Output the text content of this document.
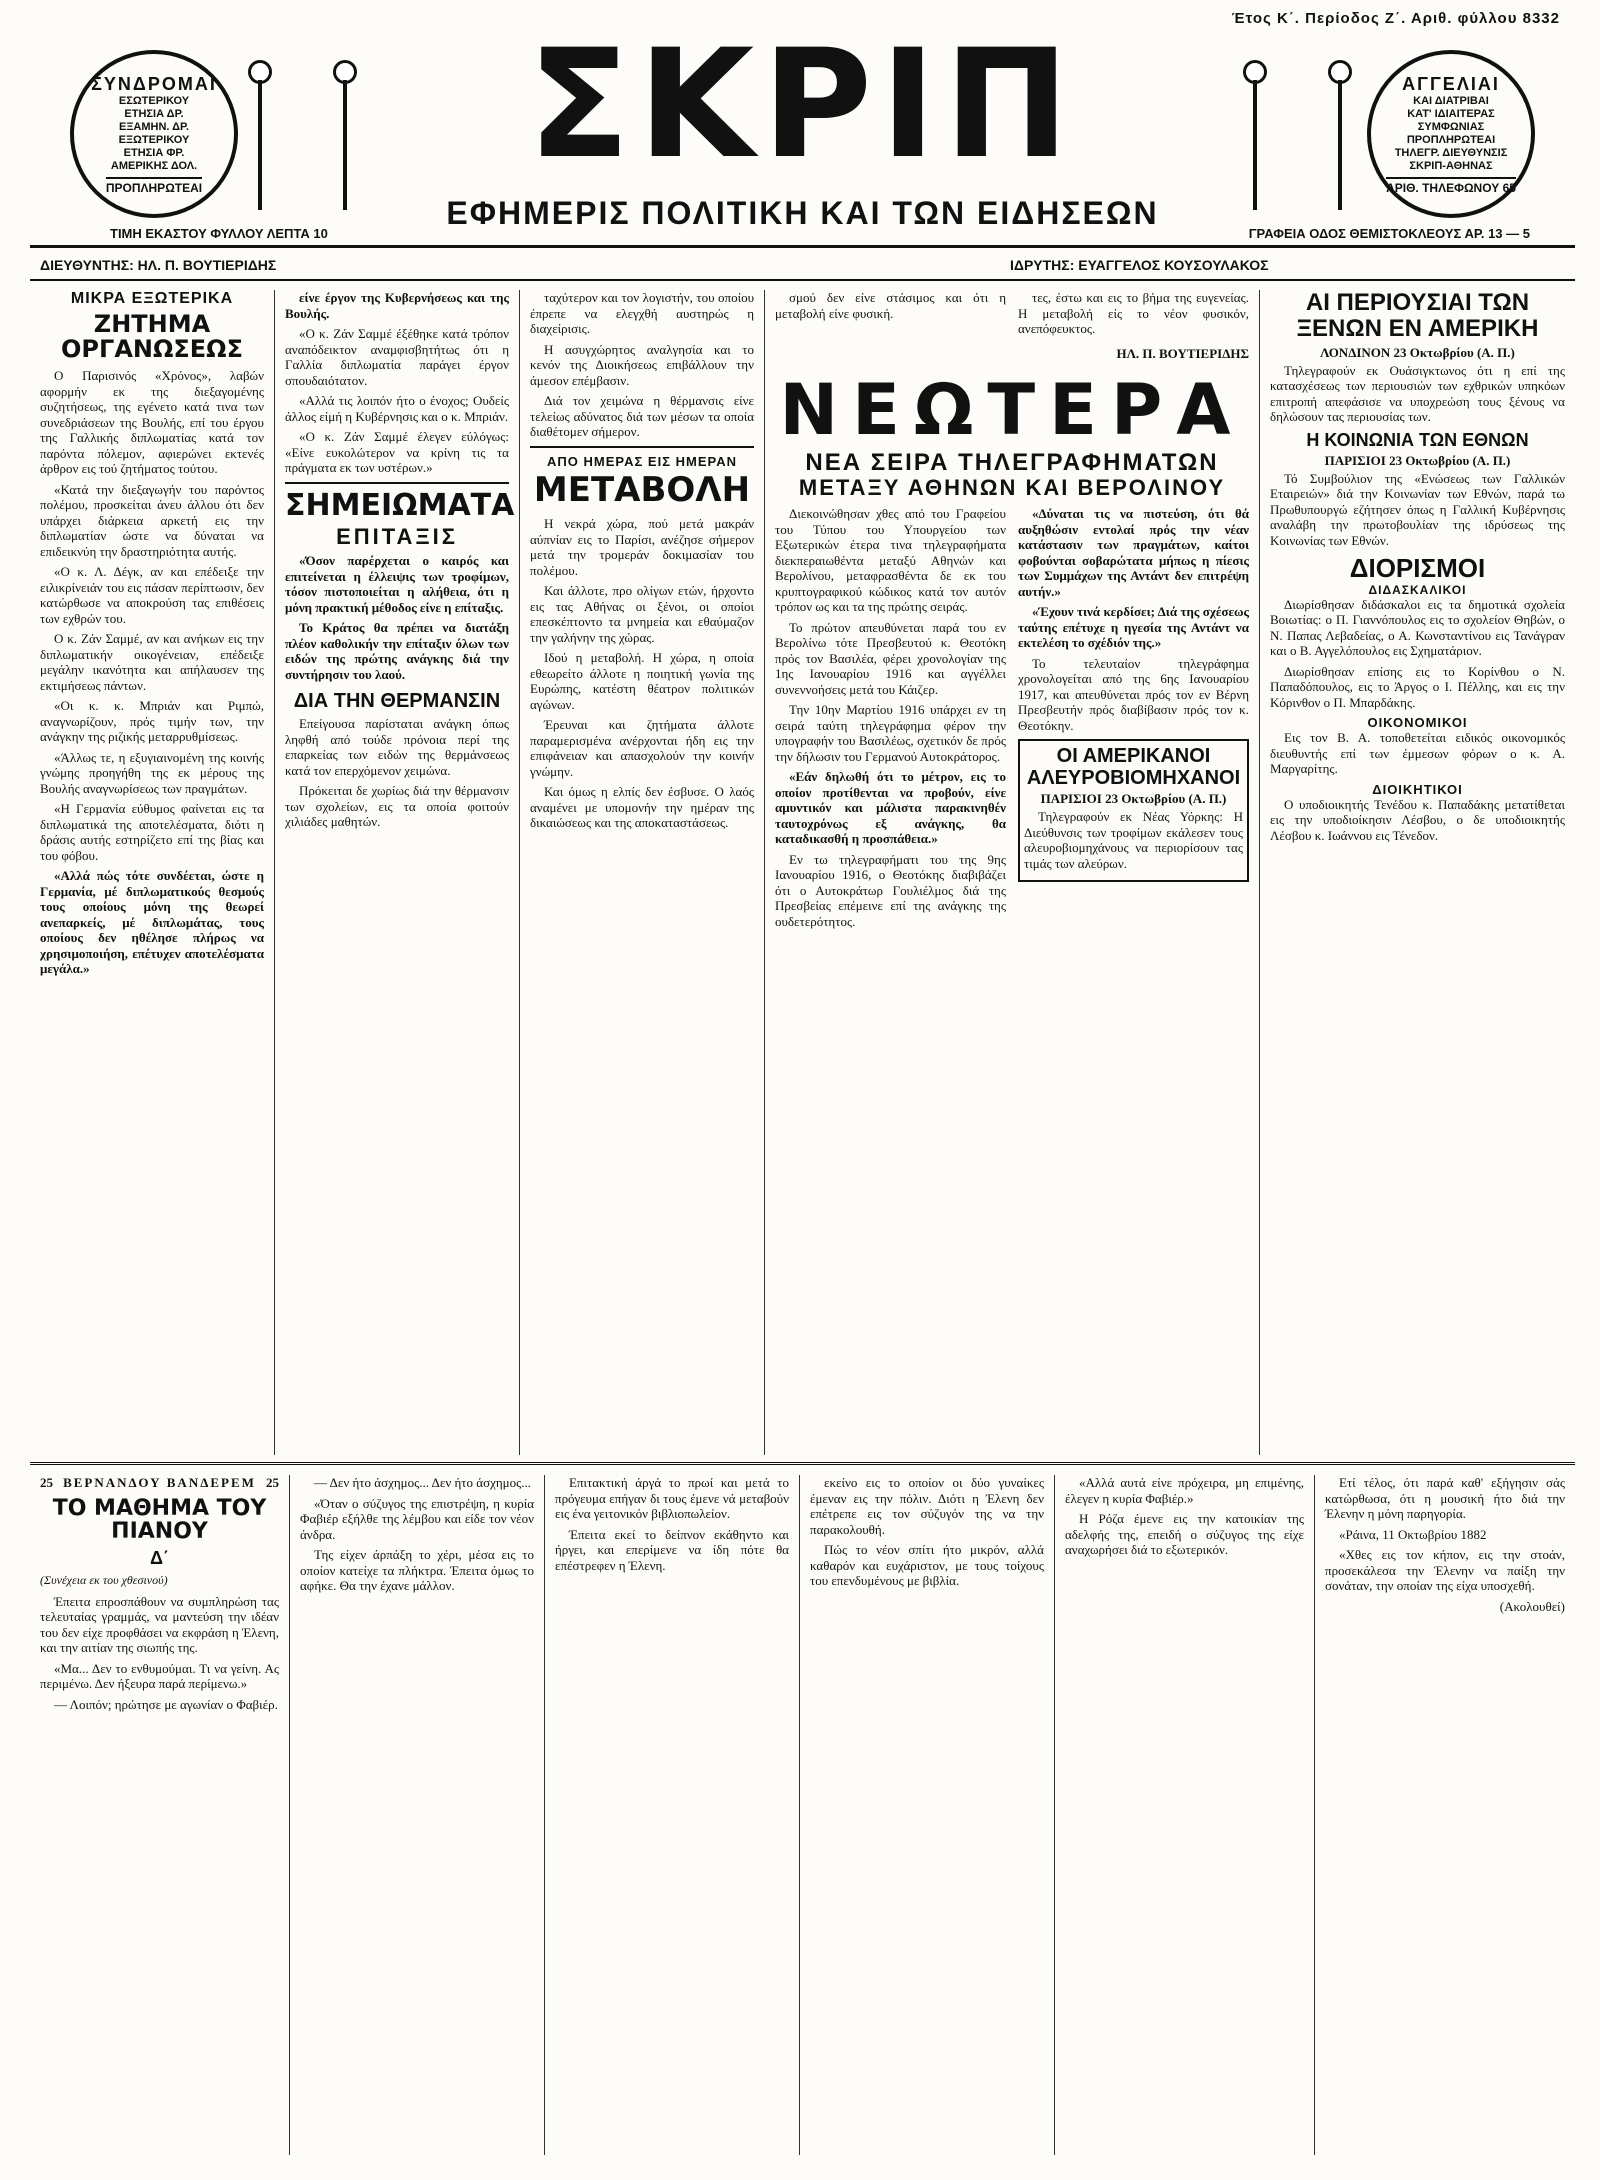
Έτος Κ΄. Περίοδος Ζ΄. Αριθ. φύλλου 8332
ΣΥΝΔΡΟΜΑΙ
ΕΣΩΤΕΡΙΚΟΥ
ΕΤΗΣΙΑ ΔΡ.
ΕΞΑΜΗΝ. ΔΡ.
ΕΞΩΤΕΡΙΚΟΥ
ΕΤΗΣΙΑ ΦΡ.
ΑΜΕΡΙΚΗΣ ΔΟΛ.
ΠΡΟΠΛΗΡΩΤΕΑΙ	ΣΚΡΙΠ
ΕΦΗΜΕΡΙΣ ΠΟΛΙΤΙΚΗ ΚΑΙ ΤΩΝ ΕΙΔΗΣΕΩΝ
ΑΓΓΕΛΙΑΙ
ΚΑΙ ΔΙΑΤΡΙΒΑΙ
ΚΑΤ' ΙΔΙΑΙΤΕΡΑΣ
ΣΥΜΦΩΝΙΑΣ
ΠΡΟΠΛΗΡΩΤΕΑΙ
ΤΗΛΕΓΡ. ΔΙΕΥΘΥΝΣΙΣ
ΣΚΡΙΠ-ΑΘΗΝΑΣ
ΑΡΙΘ. ΤΗΛΕΦΩΝΟΥ 65
ΤΙΜΗ ΕΚΑΣΤΟΥ ΦΥΛΛΟΥ ΛΕΠΤΑ 10	ΓΡΑΦΕΙΑ ΟΔΟΣ ΘΕΜΙΣΤΟΚΛΕΟΥΣ ΑΡ. 13 — 5
ΔΙΕΥΘΥΝΤΗΣ: ΗΛ. Π. ΒΟΥΤΙΕΡΙΔΗΣ	ΙΔΡΥΤΗΣ: ΕΥΑΓΓΕΛΟΣ ΚΟΥΣΟΥΛΑΚΟΣ
ΜΙΚΡΑ ΕΞΩΤΕΡΙΚΑ
ΖΗΤΗΜΑ ΟΡΓΑΝΩΣΕΩΣ

Ο Παρισινός «Χρόνος», λαβών αφορμήν εκ της διεξαγομένης συζητήσεως, της εγένετο κατά τινα των συνεδριάσεων της Βουλής, επί του έργου της Γαλλικής διπλωματίας κατά τον παρόντα πόλεμον, αφιερώνει εκτενές άρθρον εις τού ζητήματος τούτου.

«Κατά την διεξαγωγήν του παρόντος πολέμου, προσκείται άνευ άλλου ότι δεν υπάρχει διάρκεια αρκετή εις την διπλωματίαν ώστε να δύναται να επιδεικνύη την δραστηριότητα αυτής.

«Ο κ. Λ. Δέγκ, αν και επέδειξε την ειλικρίνειάν του εις πάσαν περίπτωσιν, δεν κατώρθωσε να αποκρούση τας επιθέσεις των εχθρών του.

Ο κ. Ζάν Σαμμέ, αν και ανήκων εις την διπλωματικήν οικογένειαν, επέδειξε μεγάλην ικανότητα και απήλαυσεν της εκτιμήσεως πάντων.

«Οι κ. κ. Μπριάν και Ριμπώ, αναγνωρίζουν, πρός τιμήν των, την ανάγκην της ριζικής μεταρρυθμίσεως.

«Άλλως τε, η εξυγιαινομένη της κοινής γνώμης προηγήθη της εκ μέρους της Βουλής αναγνωρίσεως των πραγμάτων.

«Η Γερμανία εύθυμος φαίνεται εις τα διπλωματικά της αποτελέσματα, διότι η δράσις αυτής εστηρίζετο επί της βίας και του φόβου.

«Αλλά πώς τότε συνδέεται, ώστε η Γερμανία, μέ διπλωματικούς θεσμούς τους οποίους μόνη της θεωρεί ανεπαρκείς, μέ διπλωμάτας, τους οποίους δεν ηθέλησε πλήρως να χρησιμοποιήση, επέτυχεν αποτελέσματα μεγάλα.»

είνε έργον της Κυβερνήσεως και της Βουλής.

«Ο κ. Ζάν Σαμμέ έξέθηκε κατά τρόπον αναπόδεικτον αναμφισβητήτως ότι η Γαλλία διπλωματία παράγει έργον σπουδαιότατον.

«Αλλά τις λοιπόν ήτο ο ένοχος; Ουδείς άλλος είμή η Κυβέρνησις και ο κ. Μπριάν.

«Ο κ. Ζάν Σαμμέ έλεγεν εύλόγως: «Είνε ευκολώτερον να κρίνη τις τα πράγματα εκ των υστέρων.»

ΣΗΜΕΙΩΜΑΤΑ
ΕΠΙΤΑΞΙΣ

«Όσον παρέρχεται ο καιρός και επιτείνεται η έλλειψις των τροφίμων, τόσον πιστοποιείται η αλήθεια, ότι η μόνη πρακτική μέθοδος είνε η επίταξις.

Το Κράτος θα πρέπει να διατάξη πλέον καθολικήν την επίταξιν όλων των ειδών της πρώτης ανάγκης διά την συντήρησιν του λαού.

ΔΙΑ ΤΗΝ ΘΕΡΜΑΝΣΙΝ

Επείγουσα παρίσταται ανάγκη όπως ληφθή από τούδε πρόνοια περί της επαρκείας των ειδών της θερμάνσεως κατά τον επερχόμενον χειμώνα.

Πρόκειται δε χωρίως διά την θέρμανσιν των σχολείων, εις τα οποία φοιτούν χιλιάδες μαθητών.

ταχύτερον και τον λογιστήν, του οποίου έπρεπε να ελεγχθή αυστηρώς η διαχείρισις.

Η ασυγχώρητος αναλγησία και το κενόν της Διοικήσεως επιβάλλουν την άμεσον επέμβασιν.

Διά τον χειμώνα η θέρμανσις είνε τελείως αδύνατος διά των μέσων τα οποία διαθέτομεν σήμερον.

ΑΠΟ ΗΜΕΡΑΣ ΕΙΣ ΗΜΕΡΑΝ
ΜΕΤΑΒΟΛΗ

Η νεκρά χώρα, πού μετά μακράν αύπνίαν εις το Παρίσι, ανέζησε σήμερον μετά την τρομεράν δοκιμασίαν του πολέμου.

Και άλλοτε, προ ολίγων ετών, ήρχοντο εις τας Αθήνας οι ξένοι, οι οποίοι επεσκέπτοντο τα μνημεία και εθαύμαζον την γαλήνην της χώρας.

Ιδού η μεταβολή. Η χώρα, η οποία εθεωρείτο άλλοτε η ποιητική γωνία της Ευρώπης, κατέστη θέατρον πολιτικών αγώνων.

Έρευναι και ζητήματα άλλοτε παραμερισμένα ανέρχονται ήδη εις την επιφάνειαν και απασχολούν την κοινήν γνώμην.

Και όμως η ελπίς δεν έσβυσε. Ο λαός αναμένει με υπομονήν την ημέραν της δικαιώσεως και της αποκαταστάσεως.

σμού δεν είνε στάσιμος και ότι η μεταβολή είνε φυσική.

τες, έστω και εις το βήμα της ευγενείας. Η μεταβολή είς το νέον φυσικόν, ανεπόφευκτος.

ΗΛ. Π. ΒΟΥΤΙΕΡΙΔΗΣ
ΝΕΩΤΕΡΑ
ΝΕΑ ΣΕΙΡΑ ΤΗΛΕΓΡΑΦΗΜΑΤΩΝ
ΜΕΤΑΞΥ ΑΘΗΝΩΝ ΚΑΙ ΒΕΡΟΛΙΝΟΥ

Διεκοινώθησαν χθες από του Γραφείου του Τύπου του Υπουργείου των Εξωτερικών έτερα τινα τηλεγραφήματα διεκπεραιωθέντα μεταξύ Αθηνών και Βερολίνου, μεταφρασθέντα δε εκ του κρυπτογραφικού κώδικος κατά τον αυτόν τρόπον ως και τα της πρώτης σειράς.

Το πρώτον απευθύνεται παρά του εν Βερολίνω τότε Πρεσβευτού κ. Θεοτόκη πρός τον Βασιλέα, φέρει χρονολογίαν της 1ης Ιανουαρίου 1916 και αγγέλλει συνεννοήσεις μετά του Κάιζερ.

Την 10ην Μαρτίου 1916 υπάρχει εν τη σειρά ταύτη τηλεγράφημα φέρον την υπογραφήν του Βασιλέως, σχετικόν δε πρός την δήλωσιν του Γερμανού Αυτοκράτορος.

«Εάν δηλωθή ότι το μέτρον, εις το οποίον προτίθενται να προβούν, είνε αμυντικόν και μάλιστα παρακινηθέν ταυτοχρόνως εξ ανάγκης, θα καταδικασθή η προσπάθεια.»

Εν τω τηλεγραφήματι του της 9ης Ιανουαρίου 1916, ο Θεοτόκης διαβιβάζει ότι ο Αυτοκράτωρ Γουλιέλμος διά της Πρεσβείας επέμεινε επί της ανάγκης της ουδετερότητος.

«Δύναται τις να πιστεύση, ότι θά αυξηθώσιν εντολαί πρός την νέαν κατάστασιν των πραγμάτων, καίτοι φοβούνται σοβαρώτατα μήπως η πίεσις των Συμμάχων της Αντάντ δεν επιτρέψη αυτήν.»

«Έχουν τινά κερδίσει; Διά της σχέσεως ταύτης επέτυχε η ηγεσία της Αντάντ να εκτελέση το σχέδιόν της.»

Το τελευταίον τηλεγράφημα χρονολογείται από της 6ης Ιανουαρίου 1917, και απευθύνεται πρός τον εν Βέρνη Πρεσβευτήν πρός διαβίβασιν πρός τον κ. Θεοτόκην.

ΟΙ ΑΜΕΡΙΚΑΝΟΙ ΑΛΕΥΡΟΒΙΟΜΗΧΑΝΟΙ
ΠΑΡΙΣΙΟΙ 23 Οκτωβρίου (Α. Π.)

Τηλεγραφούν εκ Νέας Υόρκης: Η Διεύθυνσις των τροφίμων εκάλεσεν τους αλευροβιομηχάνους να περιορίσουν τας τιμάς των αλεύρων.

ΑΙ ΠΕΡΙΟΥΣΙΑΙ ΤΩΝ ΞΕΝΩΝ ΕΝ ΑΜΕΡΙΚΗ
ΛΟΝΔΙΝΟΝ 23 Οκτωβρίου (Α. Π.)

Τηλεγραφούν εκ Ουάσιγκτωνος ότι η επί της κατασχέσεως των περιουσιών των εχθρικών υπηκόων επιτροπή απεφάσισε να υποχρεώση τους ξένους να δηλώσουν τας περιουσίας των.

Η ΚΟΙΝΩΝΙΑ ΤΩΝ ΕΘΝΩΝ
ΠΑΡΙΣΙΟΙ 23 Οκτωβρίου (Α. Π.)

Τό Συμβούλιον της «Ενώσεως των Γαλλικών Εταιρειών» διά την Κοινωνίαν των Εθνών, παρά τω Πρωθυπουργώ εζήτησεν όπως η Γαλλική Κυβέρνησις αναλάβη την πρωτοβουλίαν της ιδρύσεως της Κοινωνίας των Εθνών.

ΔΙΟΡΙΣΜΟΙ
ΔΙΔΑΣΚΑΛΙΚΟΙ

Διωρίσθησαν διδάσκαλοι εις τα δημοτικά σχολεία Βοιωτίας: ο Π. Γιαννόπουλος εις το σχολείον Θηβών, ο Ν. Παπας Λεβαδείας, ο Α. Κωνσταντίνου εις Τανάγραν και ο Β. Αγγελόπουλος εις Σχηματάριον.

Διωρίσθησαν επίσης εις το Κορίνθου ο Ν. Παπαδόπουλος, εις το Άργος ο Ι. Πέλλης, και εις την Κόρινθον ο Π. Μπαρδάκης.

ΟΙΚΟΝΟΜΙΚΟΙ

Εις τον Β. Α. τοποθετείται ειδικός οικονομικός διευθυντής επί των έμμεσων φόρων ο κ. Α. Μαργαρίτης.

ΔΙΟΙΚΗΤΙΚΟΙ

Ο υποδιοικητής Τενέδου κ. Παπαδάκης μετατίθεται εις την υποδιοίκησιν Λέσβου, ο δε υποδιοικητής Λέσβου κ. Ιωάννου εις Τένεδον.

25 ΒΕΡΝΑΝΔΟΥ ΒΑΝΔΕΡΕΜ 25
ΤΟ ΜΑΘΗΜΑ ΤΟΥ ΠΙΑΝΟΥ
Δ΄
(Συνέχεια εκ του χθεσινού)

Έπειτα επροσπάθουν να συμπληρώση τας τελευταίας γραμμάς, να μαντεύση την ιδέαν του δεν είχε προφθάσει να εκφράση η Έλενη, και την αιτίαν της σιωπής της.

«Μα... Δεν το ενθυμούμαι. Τι να γείνη. Ας περιμένω. Δεν ήξευρα παρά περίμενω.»

— Λοιπόν; ηρώτησε με αγωνίαν ο Φαβιέρ.

— Δεν ήτο άσχημος... Δεν ήτο άσχημος...

«Όταν ο σύζυγος της επιστρέψη, η κυρία Φαβιέρ εξήλθε της λέμβου και είδε τον νέον άνδρα.

Της είχεν άρπάξη το χέρι, μέσα εις το οποίον κατείχε τα πλήκτρα. Έπειτα όμως το αφήκε. Θα την έχανε μάλλον.

Επιτακτική άργά το πρωί και μετά το πρόγευμα επήγαν δι τους έμενε νά μεταβούν εις ένα γειτονικόν βιβλιοπωλείον.

Έπειτα εκεί το δείπνον εκάθηντο και ήργει, και επερίμενε να ίδη πότε θα επέστρεφεν η Έλενη.

εκείνο εις το οποίον οι δύο γυναίκες έμεναν εις την πόλιν. Διότι η Έλενη δεν επέτρεπε εις τον σύζυγόν της να την παρακολουθή.

Πώς το νέον σπίτι ήτο μικρόν, αλλά καθαρόν και ευχάριστον, με τους τοίχους του επενδυμένους με βιβλία.

«Αλλά αυτά είνε πρόχειρα, μη επιμένης, έλεγεν η κυρία Φαβιέρ.»

Η Ρόζα έμενε εις την κατοικίαν της αδελφής της, επειδή ο σύζυγος της είχε αναχωρήσει διά το εξωτερικόν.

Ετί τέλος, ότι παρά καθ' εξήγησιν σάς κατώρθωσα, ότι η μουσική ήτο διά την Έλενην η μόνη παρηγορία.

«Ράινα, 11 Οκτωβρίου 1882

«Χθες εις τον κήπον, εις την στοάν, προσεκάλεσα την Έλενην να παίξη την σονάταν, την οποίαν της είχα υποσχεθή.

(Ακολουθεί)
